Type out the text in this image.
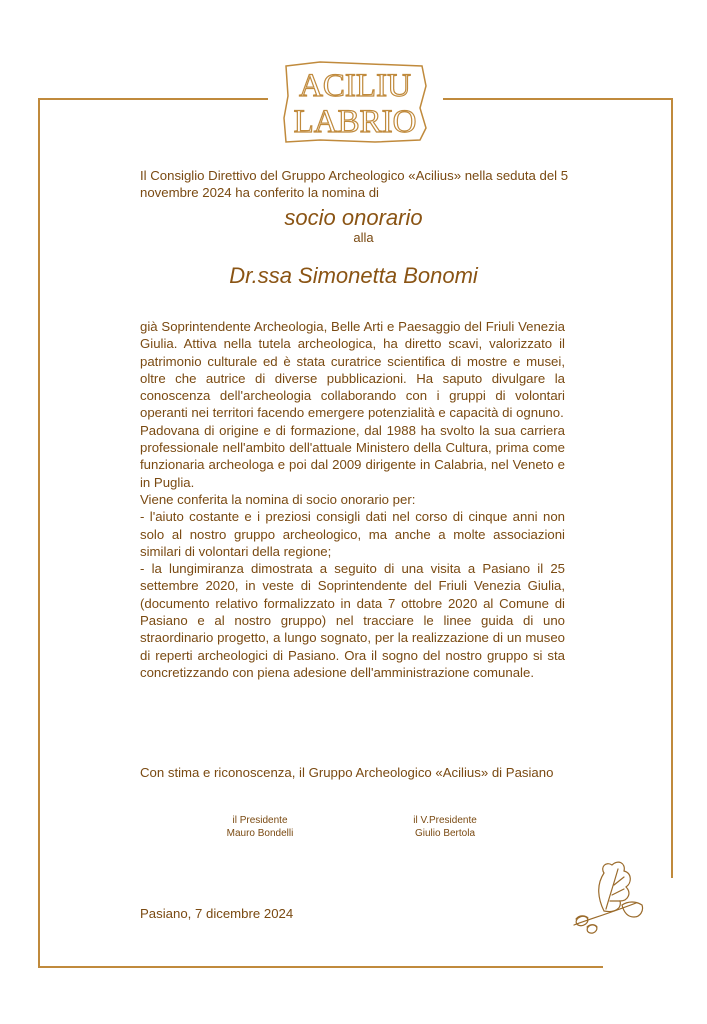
ACILIU
LABRIO

Il Consiglio Direttivo del Gruppo Archeologico «Acilius» nella seduta del 5 novembre 2024 ha conferito la nomina di

socio onorario

alla

Dr.ssa Simonetta Bonomi

già Soprintendente Archeologia, Belle Arti e Paesaggio del Friuli Venezia Giulia. Attiva nella tutela archeologica, ha diretto scavi, valorizzato il patrimonio culturale ed è stata curatrice scientifica di mostre e musei, oltre che autrice di diverse pubblicazioni. Ha saputo divulgare la conoscenza dell'archeologia collaborando con i gruppi di volontari operanti nei territori facendo emergere potenzialità e capacità di ognuno.

Padovana di origine e di formazione, dal 1988 ha svolto la sua carriera professionale nell'ambito dell'attuale Ministero della Cultura, prima come funzionaria archeologa e poi dal 2009 dirigente in Calabria, nel Veneto e in Puglia.

Viene conferita la nomina di socio onorario per:

- l'aiuto costante e i preziosi consigli dati nel corso di cinque anni non solo al nostro gruppo archeologico, ma anche a molte associazioni similari di volontari della regione;

- la lungimiranza dimostrata a seguito di una visita a Pasiano il 25 settembre 2020, in veste di Soprintendente del Friuli Venezia Giulia, (documento relativo formalizzato in data 7 ottobre 2020 al Comune di Pasiano e al nostro gruppo) nel tracciare le linee guida di uno straordinario progetto, a lungo sognato, per la realizzazione di un museo di reperti archeologici di Pasiano. Ora il sogno del nostro gruppo si sta concretizzando con piena adesione dell'amministrazione comunale.

Con stima e riconoscenza, il Gruppo Archeologico «Acilius» di Pasiano

il Presidente
Mauro Bondelli
il V.Presidente
Giulio Bertola

Pasiano, 7 dicembre 2024
